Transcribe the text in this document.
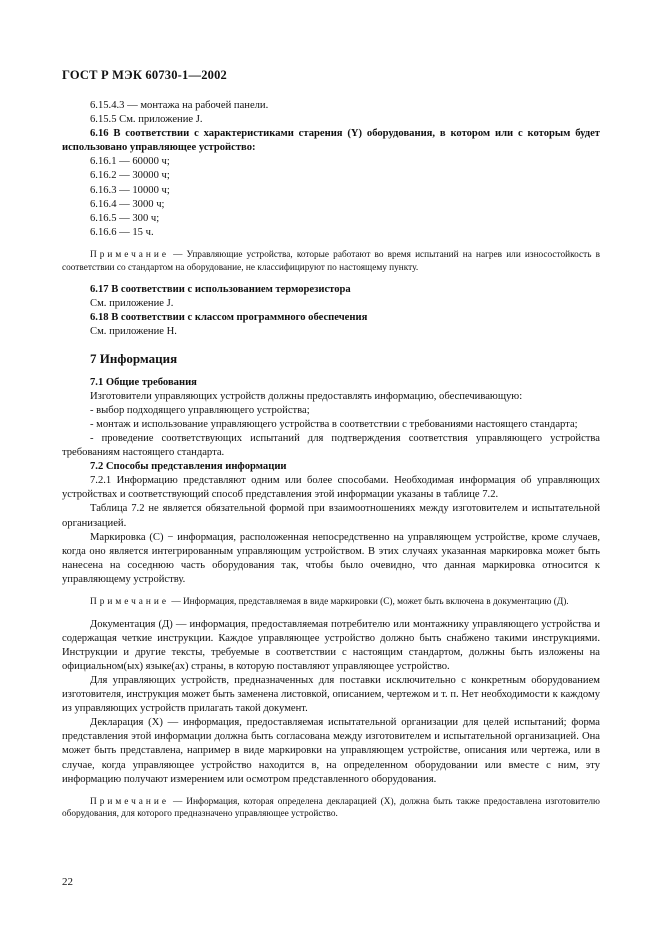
ГОСТ Р МЭК 60730-1—2002

6.15.4.3 — монтажа на рабочей панели.

6.15.5 См. приложение J.

6.16 В соответствии с характеристиками старения (Y) оборудования, в котором или с которым будет использовано управляющее устройство:

6.16.1 — 60000 ч;

6.16.2 — 30000 ч;

6.16.3 — 10000 ч;

6.16.4 — 3000 ч;

6.16.5 — 300 ч;

6.16.6 — 15 ч.

Примечание — Управляющие устройства, которые работают во время испытаний на нагрев или износостойкость в соответствии со стандартом на оборудование, не классифицируют по настоящему пункту.

6.17 В соответствии с использованием терморезистора

См. приложение J.

6.18 В соответствии с классом программного обеспечения

См. приложение Н.

7 Информация

7.1 Общие требования

Изготовители управляющих устройств должны предоставлять информацию, обеспечивающую:

- выбор подходящего управляющего устройства;

- монтаж и использование управляющего устройства в соответствии с требованиями настоящего стандарта;

- проведение соответствующих испытаний для подтверждения соответствия управляющего устройства требованиям настоящего стандарта.

7.2 Способы представления информации

7.2.1 Информацию представляют одним или более способами. Необходимая информация об управляющих устройствах и соответствующий способ представления этой информации указаны в таблице 7.2.

Таблица 7.2 не является обязательной формой при взаимоотношениях между изготовителем и испытательной организацией.

Маркировка (С) − информация, расположенная непосредственно на управляющем устройстве, кроме случаев, когда оно является интегрированным управляющим устройством. В этих случаях указанная маркировка может быть нанесена на соседнюю часть оборудования так, чтобы было очевидно, что данная маркировка относится к управляющему устройству.

Примечание — Информация, представляемая в виде маркировки (С), может быть включена в документацию (Д).

Документация (Д) — информация, предоставляемая потребителю или монтажнику управляющего устройства и содержащая четкие инструкции. Каждое управляющее устройство должно быть снабжено такими инструкциями. Инструкции и другие тексты, требуемые в соответствии с настоящим стандартом, должны быть изложены на официальном(ых) языке(ах) страны, в которую поставляют управляющее устройство.

Для управляющих устройств, предназначенных для поставки исключительно с конкретным оборудованием изготовителя, инструкция может быть заменена листовкой, описанием, чертежом и т. п. Нет необходимости к каждому из управляющих устройств прилагать такой документ.

Декларация (X) — информация, предоставляемая испытательной организации для целей испытаний; форма представления этой информации должна быть согласована между изготовителем и испытательной организацией. Она может быть представлена, например в виде маркировки на управляющем устройстве, описания или чертежа, или в случае, когда управляющее устройство находится в, на определенном оборудовании или вместе с ним, эту информацию получают измерением или осмотром представленного оборудования.

Примечание — Информация, которая определена декларацией (X), должна быть также предоставлена изготовителю оборудования, для которого предназначено управляющее устройство.

22
